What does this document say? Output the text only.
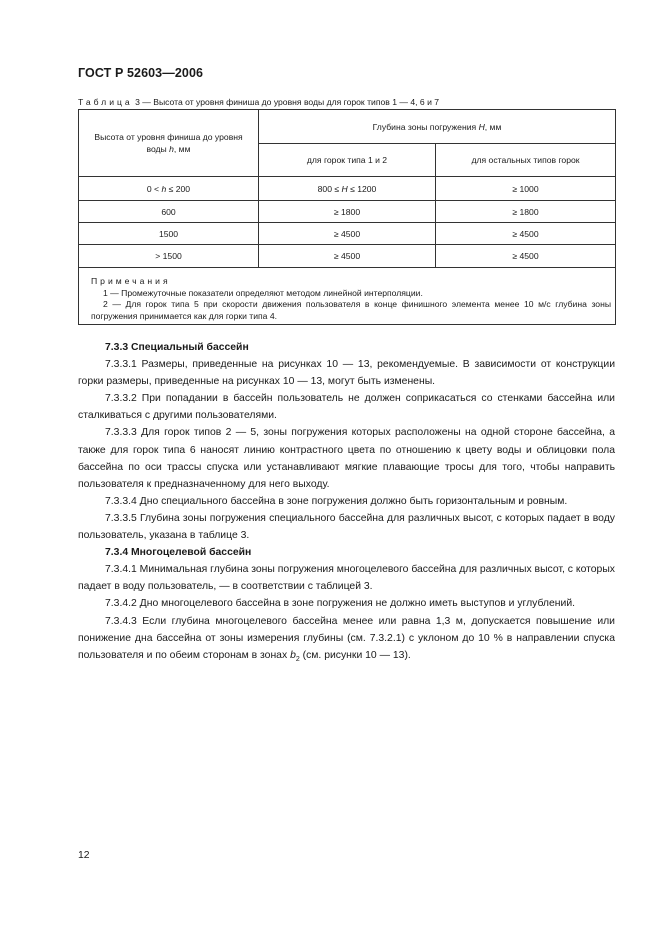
ГОСТ Р 52603—2006
Таблица 3 — Высота от уровня финиша до уровня воды для горок типов 1 — 4, 6 и 7
Высота от уровня финиша до уровня воды h, мм	Глубина зоны погружения H, мм	
	для горок типа 1 и 2	для остальных типов горок
0 < h ≤ 200	800 ≤ H ≤ 1200	≥ 1000
600	≥ 1800	≥ 1800
1500	≥ 4500	≥ 4500
> 1500	≥ 4500	≥ 4500

Примечания
1 — Промежуточные показатели определяют методом линейной интерполяции.
2 — Для горок типа 5 при скорости движения пользователя в конце финишного элемента менее 10 м/с глубина зоны погружения принимается как для горки типа 4.		

7.3.3 Специальный бассейн

7.3.3.1 Размеры, приведенные на рисунках 10 — 13, рекомендуемые. В зависимости от конструкции горки размеры, приведенные на рисунках 10 — 13, могут быть изменены.

7.3.3.2 При попадании в бассейн пользователь не должен соприкасаться со стенками бассейна или сталкиваться с другими пользователями.

7.3.3.3 Для горок типов 2 — 5, зоны погружения которых расположены на одной стороне бассейна, а также для горок типа 6 наносят линию контрастного цвета по отношению к цвету воды и облицовки пола бассейна по оси трассы спуска или устанавливают мягкие плавающие тросы для того, чтобы направить пользователя к предназначенному для него выходу.

7.3.3.4 Дно специального бассейна в зоне погружения должно быть горизонтальным и ровным.

7.3.3.5 Глубина зоны погружения специального бассейна для различных высот, с которых падает в воду пользователь, указана в таблице 3.

7.3.4 Многоцелевой бассейн

7.3.4.1 Минимальная глубина зоны погружения многоцелевого бассейна для различных высот, с которых падает в воду пользователь, — в соответствии с таблицей 3.

7.3.4.2 Дно многоцелевого бассейна в зоне погружения не должно иметь выступов и углублений.

7.3.4.3 Если глубина многоцелевого бассейна менее или равна 1,3 м, допускается повышение или понижение дна бассейна от зоны измерения глубины (см. 7.3.2.1) с уклоном до 10 % в направлении спуска пользователя и по обеим сторонам в зонах $b_2$ (см. рисунки 10 — 13).

12
